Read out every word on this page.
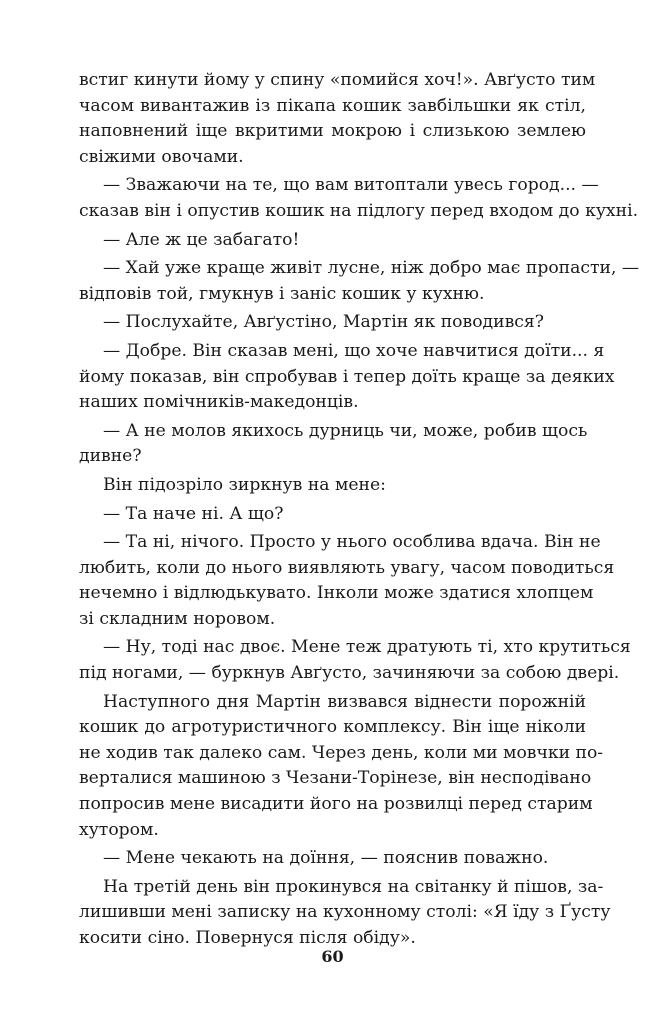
встиг кинути йому у спину «помийся хоч!». Авґусто тим
часом вивантажив із пікапа кошик завбільшки як стіл,
наповнений іще вкритими мокрою і слизькою землею
свіжими овочами.
— Зважаючи на те, що вам витоптали увесь город... —
сказав він і опустив кошик на підлогу перед входом до кухні.
— Але ж це забагато!
— Хай уже краще живіт лусне, ніж добро має пропасти, —
відповів той, гмукнув і заніс кошик у кухню.
— Послухайте, Авґустіно, Мартін як поводився?
— Добре. Він сказав мені, що хоче навчитися доїти... я
йому показав, він спробував і тепер доїть краще за деяких
наших помічників-македонців.
— А не молов якихось дурниць чи, може, робив щось
дивне?
Він підозріло зиркнув на мене:
— Та наче ні. А що?
— Та ні, нічого. Просто у нього особлива вдача. Він не
любить, коли до нього виявляють увагу, часом поводиться
нечемно і відлюдькувато. Інколи може здатися хлопцем
зі складним норовом.
— Ну, тоді нас двоє. Мене теж дратують ті, хто крутиться
під ногами, — буркнув Авґусто, зачиняючи за собою двері.
Наступного дня Мартін визвався віднести порожній
кошик до агротуристичного комплексу. Він іще ніколи
не ходив так далеко сам. Через день, коли ми мовчки по-
верталися машиною з Чезани-Торінезе, він несподівано
попросив мене висадити його на розвилці перед старим
хутором.
— Мене чекають на доїння, — пояснив поважно.
На третій день він прокинувся на світанку й пішов, за-
лишивши мені записку на кухонному столі: «Я їду з Ґусту
косити сіно. Повернуся після обіду».
60
